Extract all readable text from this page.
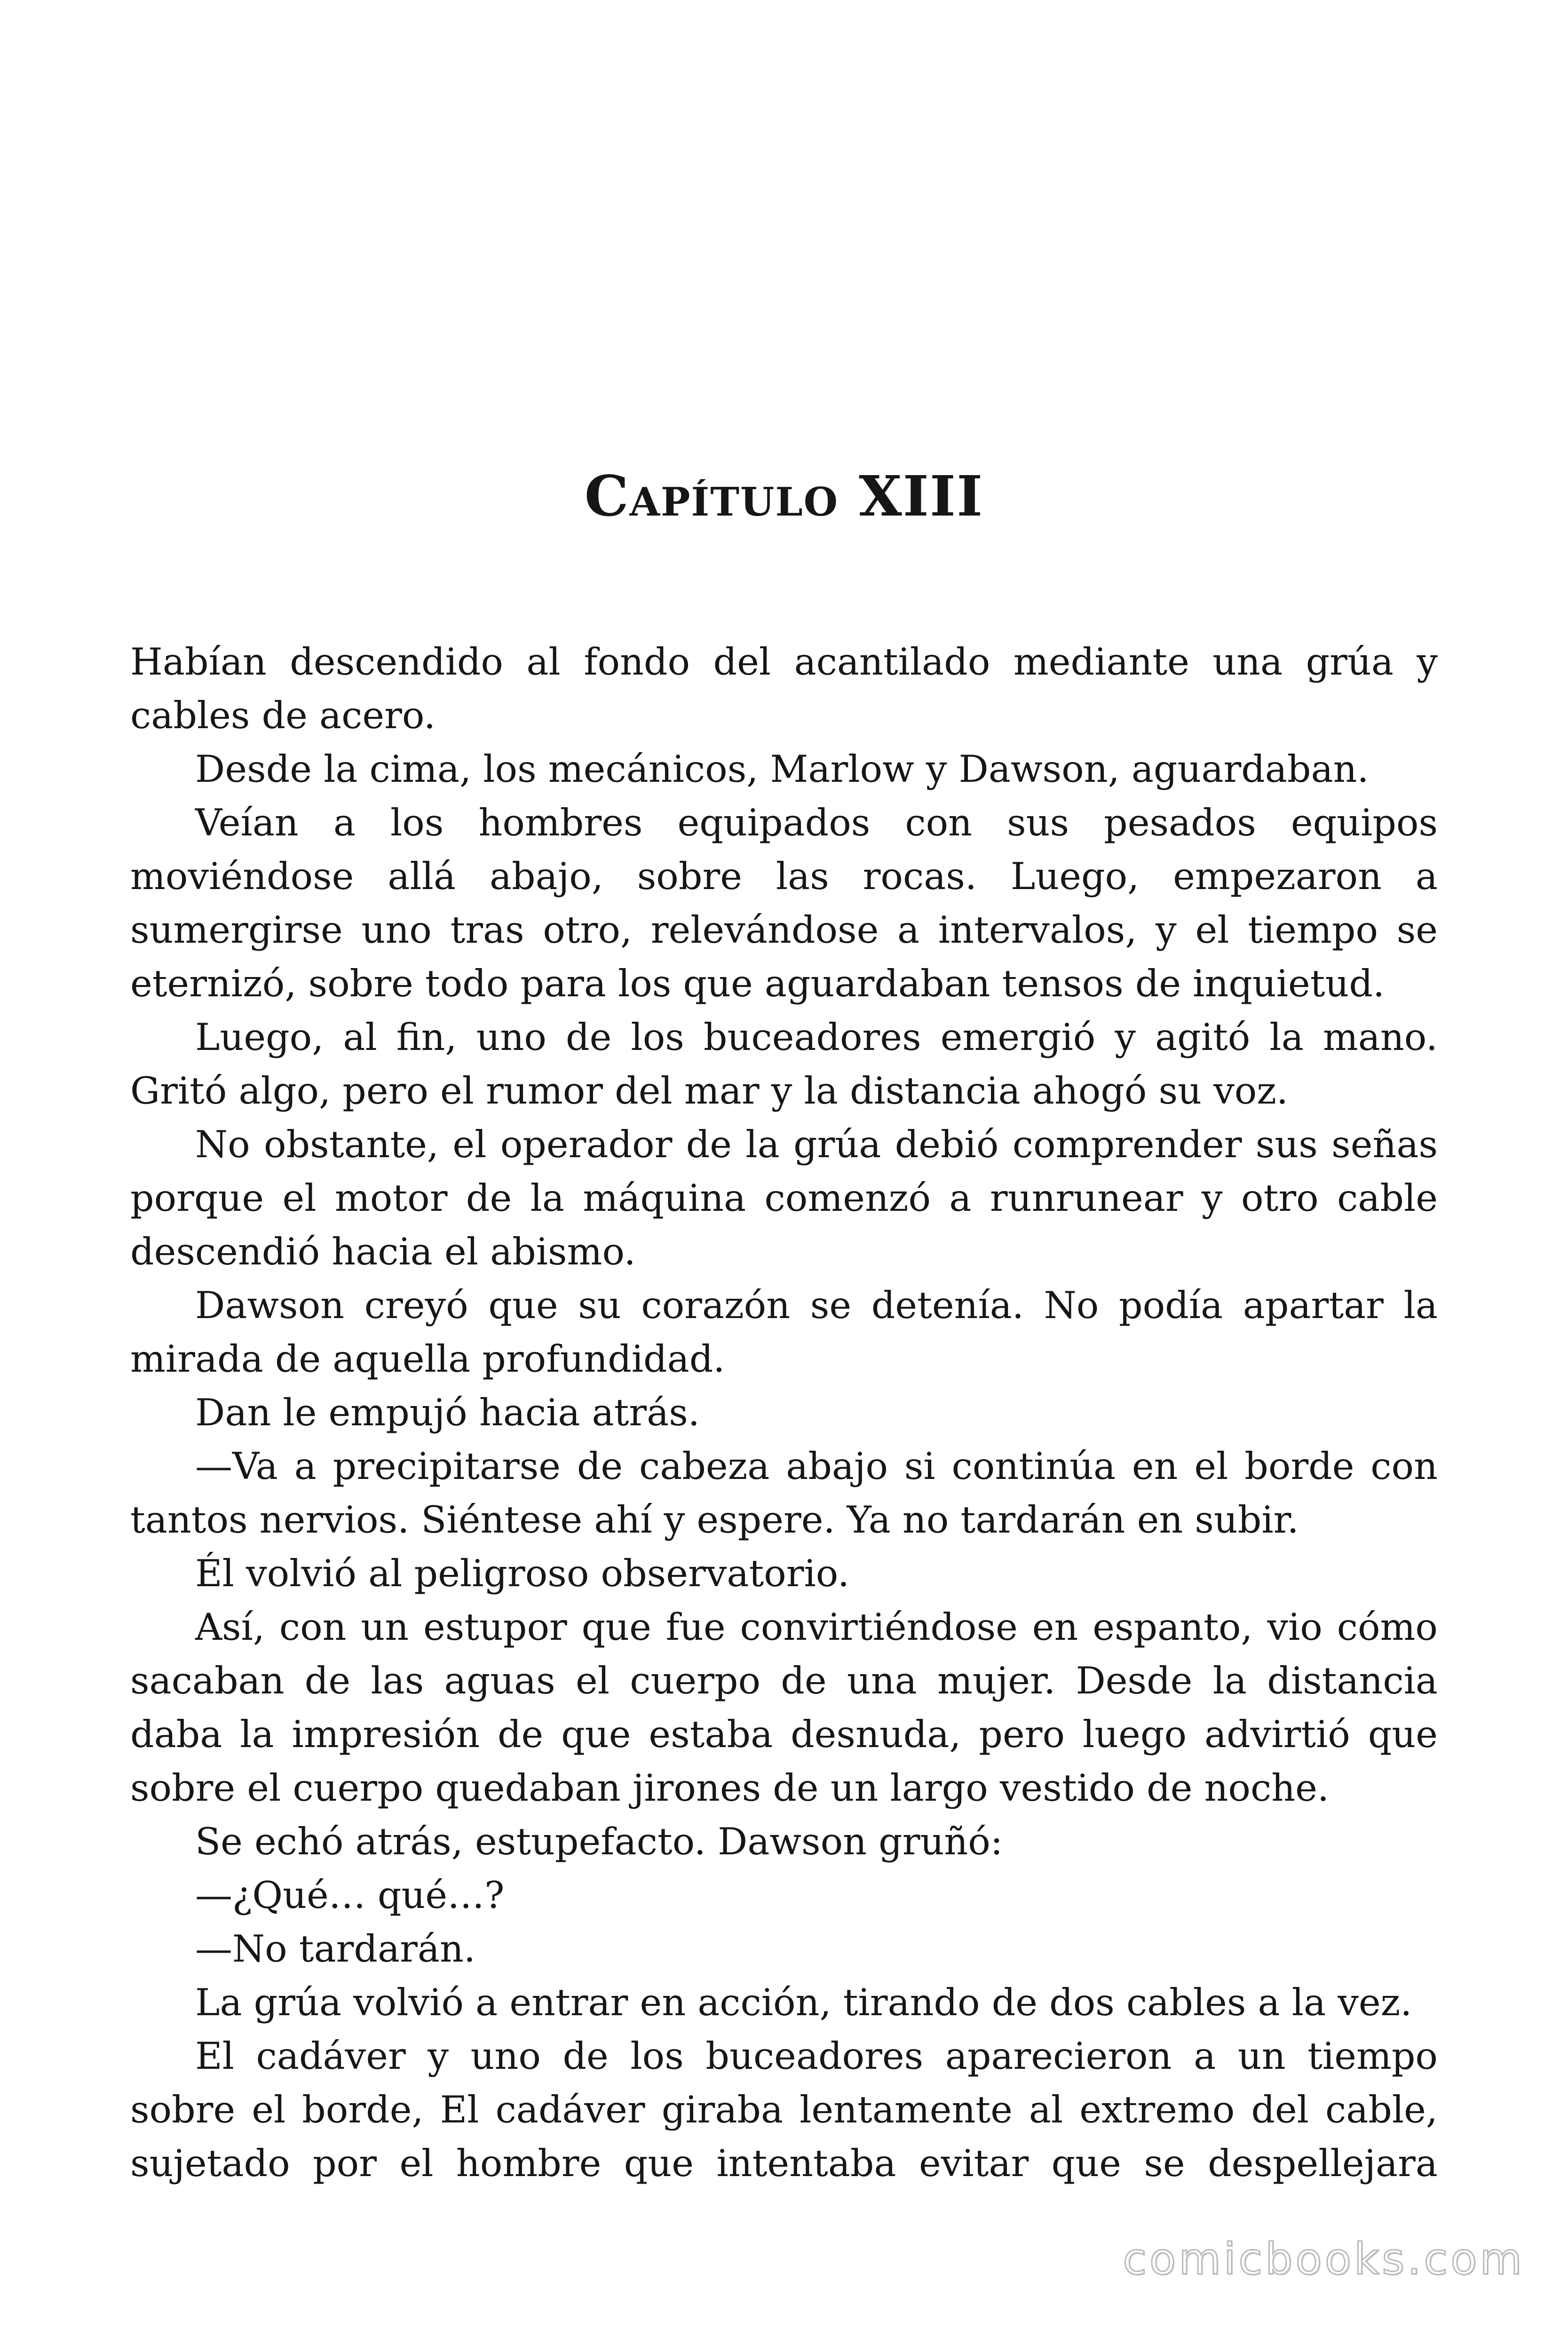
Capítulo XIII

Habían descendido al fondo del acantilado mediante una grúa y cables de acero.

Desde la cima, los mecánicos, Marlow y Dawson, aguardaban.

Veían a los hombres equipados con sus pesados equipos moviéndose allá abajo, sobre las rocas. Luego, empezaron a sumergirse uno tras otro, relevándose a intervalos, y el tiempo se eternizó, sobre todo para los que aguardaban tensos de inquietud.

Luego, al fin, uno de los buceadores emergió y agitó la mano. Gritó algo, pero el rumor del mar y la distancia ahogó su voz.

No obstante, el operador de la grúa debió comprender sus señas porque el motor de la máquina comenzó a runrunear y otro cable descendió hacia el abismo.

Dawson creyó que su corazón se detenía. No podía apartar la mirada de aquella profundidad.

Dan le empujó hacia atrás.

—Va a precipitarse de cabeza abajo si continúa en el borde con tantos nervios. Siéntese ahí y espere. Ya no tardarán en subir.

Él volvió al peligroso observatorio.

Así, con un estupor que fue convirtiéndose en espanto, vio cómo sacaban de las aguas el cuerpo de una mujer. Desde la distancia daba la impresión de que estaba desnuda, pero luego advirtió que sobre el cuerpo quedaban jirones de un largo vestido de noche.

Se echó atrás, estupefacto. Dawson gruñó:

—¿Qué… qué…?

—No tardarán.

La grúa volvió a entrar en acción, tirando de dos cables a la vez.

El cadáver y uno de los buceadores aparecieron a un tiempo sobre el borde, El cadáver giraba lentamente al extremo del cable, sujetado por el hombre que intentaba evitar que se despellejara

comicbooks.com
